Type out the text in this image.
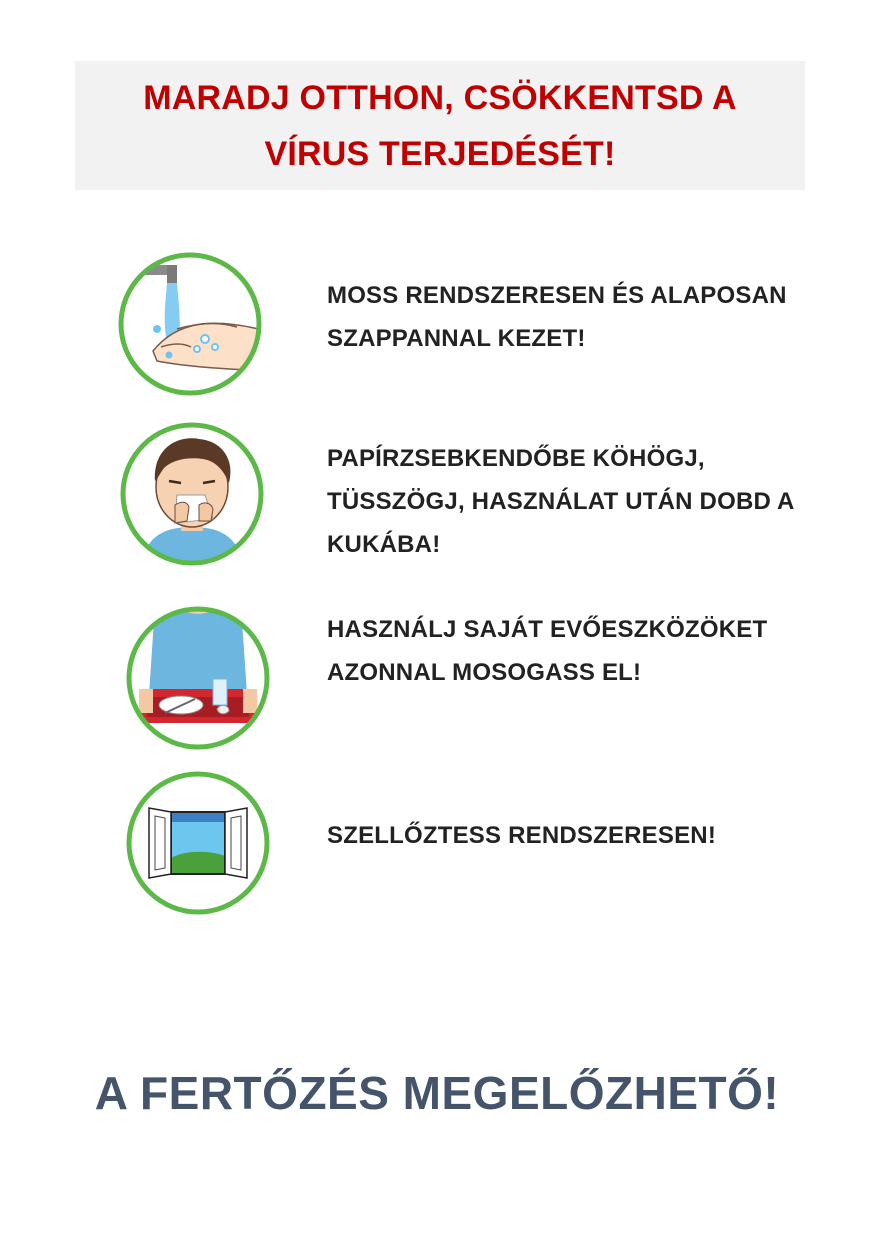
MARADJ OTTHON, CSÖKKENTSD A VÍRUS TERJEDÉSÉT!

MOSS RENDSZERESEN ÉS ALAPOSAN SZAPPANNAL KEZET!

PAPÍRZSEBKENDŐBE KÖHÖGJ, TÜSSZÖGJ, HASZNÁLAT UTÁN DOBD A KUKÁBA!

HASZNÁLJ SAJÁT EVŐESZKÖZÖKET AZONNAL MOSOGASS EL!

SZELLŐZTESS RENDSZERESEN!

A FERTŐZÉS MEGELŐZHETŐ!
